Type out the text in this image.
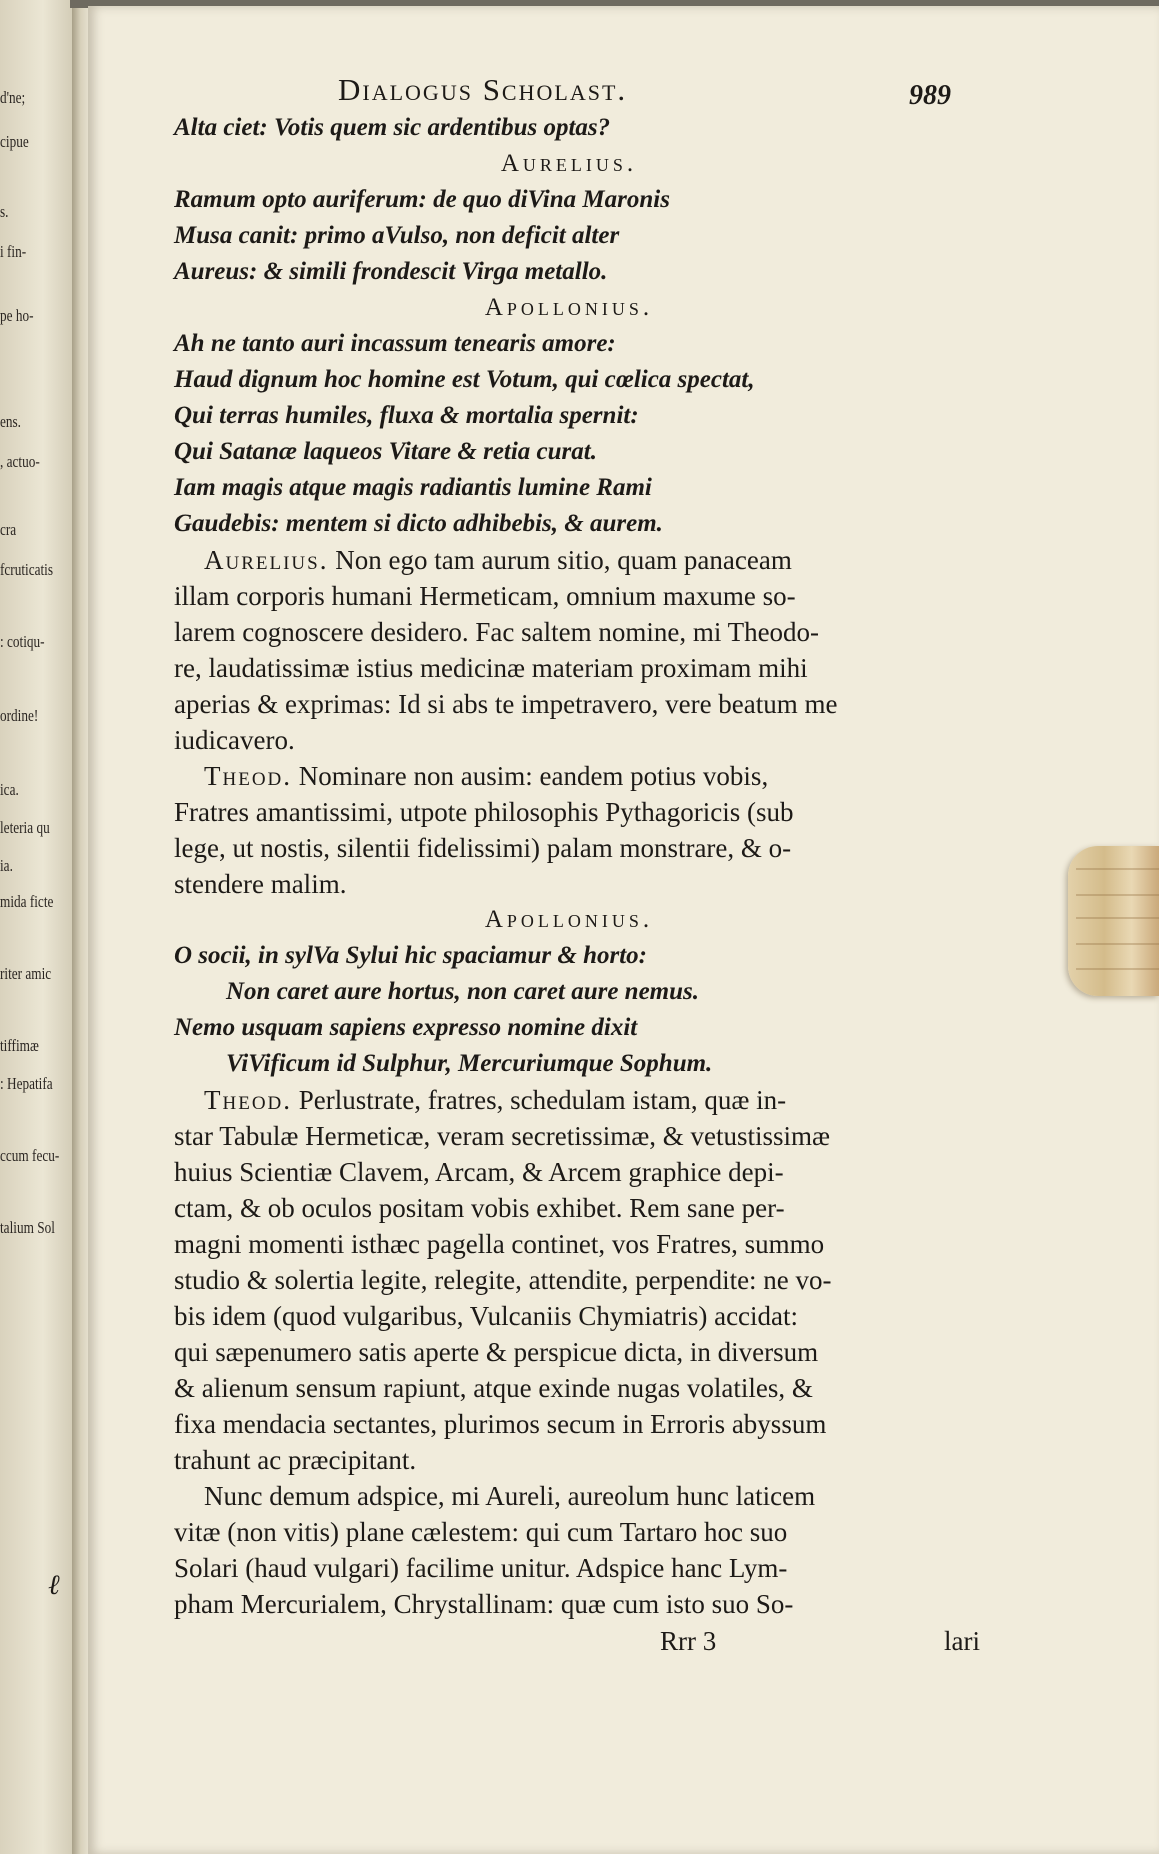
d'ne;
cipue
s.
i fin-
pe ho-
ens.
, actuo-
cra
fcruticatis
: cotiqu-
ordine!
ica.
leteria qu
ia.
mida ficte
riter amic
tiffimæ
: Hepatifa
ccum fecu-
talium Sol
Dialogus Scholast.	989
Alta ciet: Votis quem sic ardentibus optas?
Aurelius.
Ramum opto auriferum: de quo diVina Maronis
Musa canit: primo aVulso, non deficit alter
Aureus: & simili frondescit Virga metallo.
Apollonius.
Ah ne tanto auri incassum tenearis amore:
Haud dignum hoc homine est Votum, qui cœlica spectat,
Qui terras humiles, fluxa & mortalia spernit:
Qui Satanæ laqueos Vitare & retia curat.
Iam magis atque magis radiantis lumine Rami
Gaudebis: mentem si dicto adhibebis, & aurem.
Aurelius. Non ego tam aurum sitio, quam panaceam
illam corporis humani Hermeticam, omnium maxume so-
larem cognoscere desidero. Fac saltem nomine, mi Theodo-
re, laudatissimæ istius medicinæ materiam proximam mihi
aperias & exprimas: Id si abs te impetravero, vere beatum me
iudicavero.
Theod. Nominare non ausim: eandem potius vobis,
Fratres amantissimi, utpote philosophis Pythagoricis (sub
lege, ut nostis, silentii fidelissimi) palam monstrare, & o-
stendere malim.
Apollonius.
O socii, in sylVa Sylui hic spaciamur & horto:
Non caret aure hortus, non caret aure nemus.
Nemo usquam sapiens expresso nomine dixit
ViVificum id Sulphur, Mercuriumque Sophum.
Theod. Perlustrate, fratres, schedulam istam, quæ in-
star Tabulæ Hermeticæ, veram secretissimæ, & vetustissimæ
huius Scientiæ Clavem, Arcam, & Arcem graphice depi-
ctam, & ob oculos positam vobis exhibet. Rem sane per-
magni momenti isthæc pagella continet, vos Fratres, summo
studio & solertia legite, relegite, attendite, perpendite: ne vo-
bis idem (quod vulgaribus, Vulcaniis Chymiatris) accidat:
qui sæpenumero satis aperte & perspicue dicta, in diversum
& alienum sensum rapiunt, atque exinde nugas volatiles, &
fixa mendacia sectantes, plurimos secum in Erroris abyssum
trahunt ac præcipitant.
Nunc demum adspice, mi Aureli, aureolum hunc laticem
vitæ (non vitis) plane cælestem: qui cum Tartaro hoc suo
Solari (haud vulgari) facilime unitur. Adspice hanc Lym-
pham Mercurialem, Chrystallinam: quæ cum isto suo So-
Rrr 3	lari
ℓ
